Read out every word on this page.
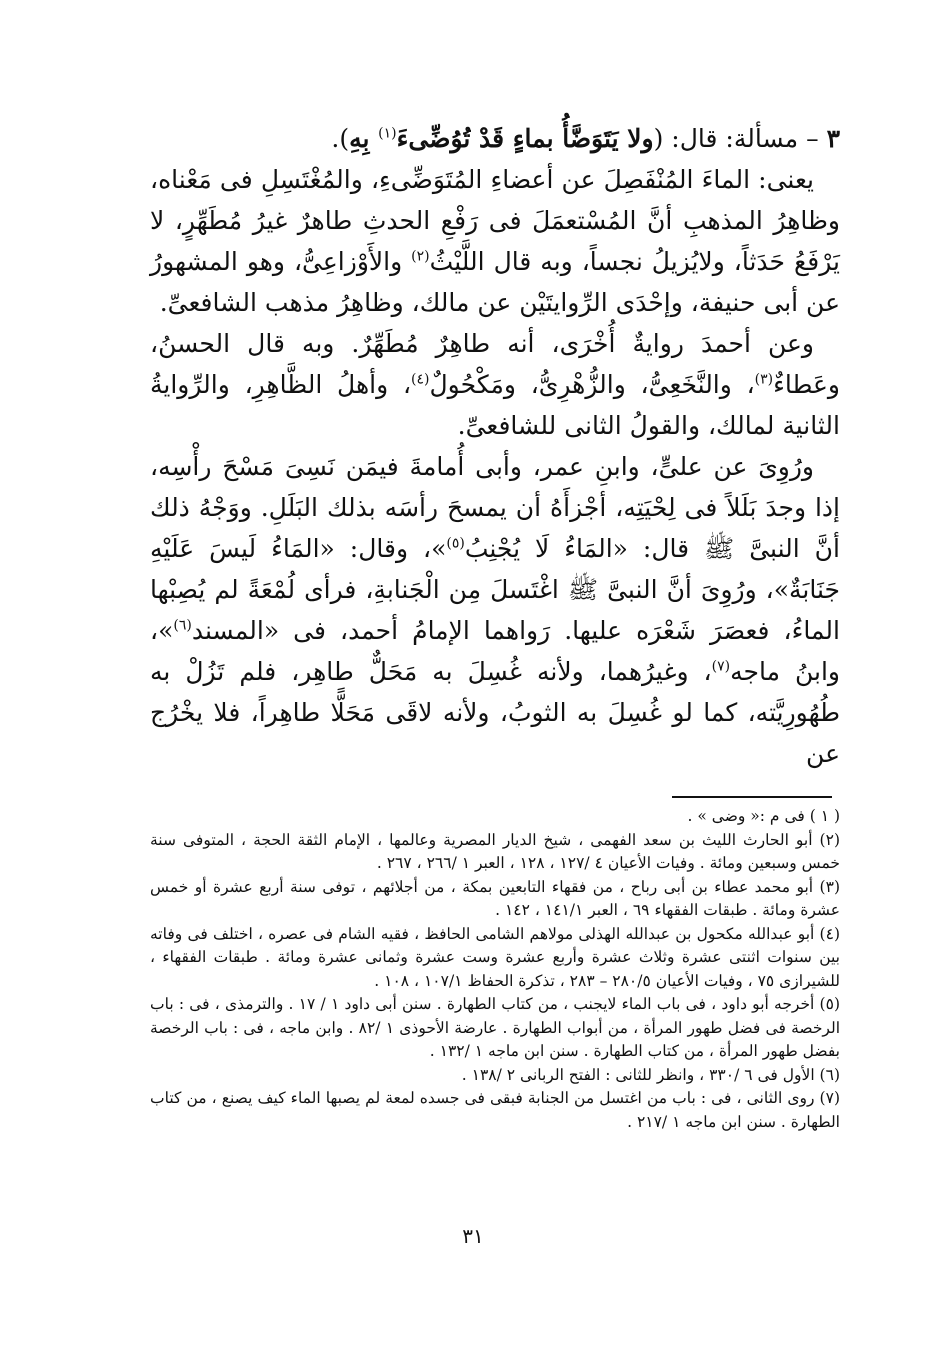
٣ – مسألة: قال: (ولا يَتَوَضَّأُ بماءٍ قَدْ تُوُضِّىءَ$^{(١)}$ بِهِ).

يعنى: الماءَ المُنْفَصِلَ عن أعضاءِ المُتَوَضِّىءِ، والمُغْتَسِلِ فى مَعْناه، وظاهِرُ المذهبِ أنَّ المُسْتعمَلَ فى رَفْعِ الحدثِ طاهرٌ غيرُ مُطَهِّرٍ، لا يَرْفَعُ حَدَثاً، ولايُزيلُ نجساً، وبه قال اللَّيْثُ$^{(٢)}$ والأَوْزاعِىُّ، وهو المشهورُ عن أبى حنيفة، وإحْدَى الرِّوايتَيْن عن مالك، وظاهِرُ مذهب الشافعىِّ.

وعن أحمدَ روايةٌ أُخْرَى، أنه طاهِرٌ مُطَهِّرٌ. وبه قال الحسنُ، وعَطاءٌ$^{(٣)}$، والنَّخَعِىُّ، والزُّهْرِىُّ، ومَكْحُولٌ$^{(٤)}$، وأهلُ الظَّاهِرِ، والرِّوايةُ الثانية لمالك، والقولُ الثانى للشافعىِّ.

ورُوِىَ عن علىٍّ، وابنِ عمر، وأبى أُمامةَ فيمَن نَسِىَ مَسْحَ رأْسِه، إذا وجدَ بَلَلاً فى لِحْيَتِه، أجْزأَهُ أن يمسحَ رأسَه بذلك البَلَلِ. ووَجْهُ ذلك أنَّ النبىَّ ﷺ قال: «المَاءُ لَا يُجْنِبُ$^{(٥)}$»، وقال: «المَاءُ لَيسَ عَلَيْهِ جَنَابَةٌ»، ورُوِىَ أنَّ النبىَّ ﷺ اغْتَسلَ مِن الْجَنابةِ، فرأى لُمْعَةً لم يُصِبْها الماءُ، فعصَرَ شَعْرَه عليها. رَواهما الإمامُ أحمد، فى «المسند$^{(٦)}$»، وابنُ ماجه$^{(٧)}$، وغيرُهما، ولأنه غُسِلَ به مَحَلٌّ طاهِر، فلم تَزُلْ به طُهُورِيَّته، كما لو غُسِلَ به الثوبُ، ولأنه لاقَى مَحَلًّا طاهِراً، فلا يخْرُج عن

( ١ ) فى م :« وضى » .

(٢) أبو الحارث الليث بن سعد الفهمى ، شيخ الديار المصرية وعالمها ، الإمام الثقة الحجة ، المتوفى سنة خمس وسبعين ومائة . وفيات الأعيان ٤ /١٢٧ ، ١٢٨ ، العبر ١ /٢٦٦ ، ٢٦٧ .

(٣) أبو محمد عطاء بن أبى رباح ، من فقهاء التابعين بمكة ، من أجلائهم ، توفى سنة أربع عشرة أو خمس عشرة ومائة . طبقات الفقهاء ٦٩ ، العبر ١٤١/١ ، ١٤٢ .

(٤) أبو عبدالله مكحول بن عبدالله الهذلى مولاهم الشامى الحافظ ، فقيه الشام فى عصره ، اختلف فى وفاته بين سنوات اثنتى عشرة وثلاث عشرة وأربع عشرة وست عشرة وثمانى عشرة ومائة . طبقات الفقهاء ، للشيرازى ٧٥ ، وفيات الأعيان ٢٨٠/٥ – ٢٨٣ ، تذكرة الحفاظ ١٠٧/١ ، ١٠٨ .

(٥) أخرجه أبو داود ، فى باب الماء لايجنب ، من كتاب الطهارة . سنن أبى داود ١ / ١٧ . والترمذى ، فى : باب الرخصة فى فضل طهور المرأة ، من أبواب الطهارة . عارضة الأحوذى ١ /٨٢ . وابن ماجه ، فى : باب الرخصة بفضل طهور المرأة ، من كتاب الطهارة . سنن ابن ماجه ١ /١٣٢ .

(٦) الأول فى ٦ /٣٣٠ ، وانظر للثانى : الفتح الربانى ٢ /١٣٨ .

(٧) روى الثانى ، فى : باب من اغتسل من الجنابة فبقى فى جسده لمعة لم يصبها الماء كيف يصنع ، من كتاب الطهارة . سنن ابن ماجه ١ /٢١٧ .

٣١
